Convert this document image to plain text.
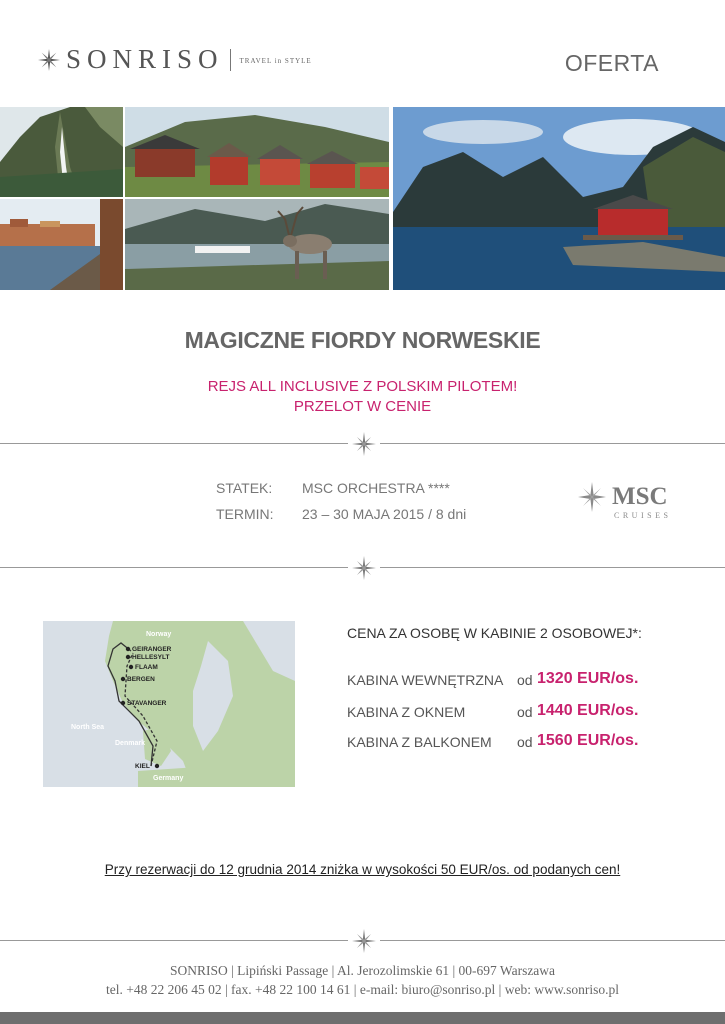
SONRISO TRAVEL in STYLE	OFERTA
MAGICZNE FIORDY NORWESKIE
REJS ALL INCLUSIVE Z POLSKIM PILOTEM!
PRZELOT W CENIE
STATEK: MSC ORCHESTRA ****
TERMIN: 23 – 30 MAJA 2015 / 8 dni
MSC
CRUISES
Norway
North Sea
Denmark
Germany
GEIRANGER
HELLESYLT
FLAAM
BERGEN
STAVANGER
KIEL
CENA ZA OSOBĘ W KABINIE 2 OSOBOWEJ*:
KABINA WEWNĘTRZNA od 1320 EUR/os.
KABINA Z OKNEM	od 1440 EUR/os.
KABINA Z BALKONEM od 1560 EUR/os.
Przy rezerwacji do 12 grudnia 2014 zniżka w wysokości 50 EUR/os. od podanych cen!
SONRISO | Lipiński Passage | Al. Jerozolimskie 61 | 00-697 Warszawa
tel. +48 22 206 45 02 | fax. +48 22 100 14 61 | e-mail: biuro@sonriso.pl | web: www.sonriso.pl
